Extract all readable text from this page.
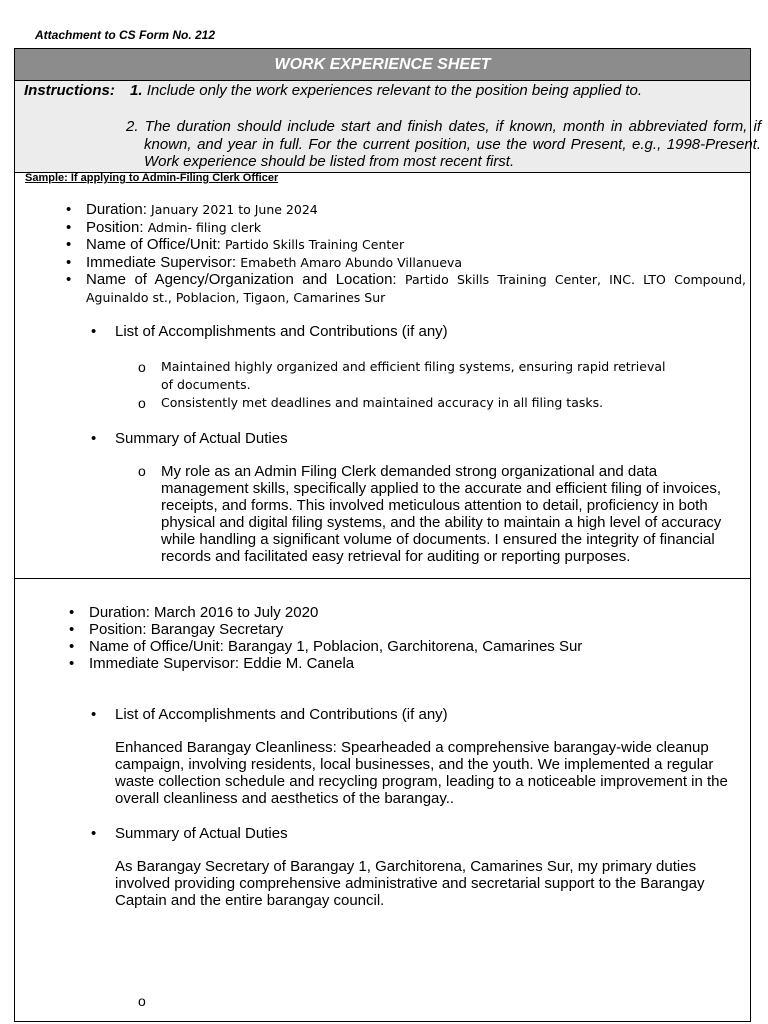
Attachment to CS Form No. 212
WORK EXPERIENCE SHEET
Instructions: 1. Include only the work experiences relevant to the position being applied to.
2. The duration should include start and finish dates, if known, month in abbreviated form, if known, and year in full. For the current position, use the word Present, e.g., 1998-Present. Work experience should be listed from most recent first.
Sample: If applying to Admin-Filing Clerk Officer
• Duration: January 2021 to June 2024
• Position: Admin- filing clerk
• Name of Office/Unit: Partido Skills Training Center
• Immediate Supervisor: Emabeth Amaro Abundo Villanueva
• Name of Agency/Organization and Location: Partido Skills Training Center, INC. LTO Compound, Aguinaldo st., Poblacion, Tigaon, Camarines Sur
• List of Accomplishments and Contributions (if any)
o Maintained highly organized and efficient filing systems, ensuring rapid retrieval of documents.
o Consistently met deadlines and maintained accuracy in all filing tasks.
• Summary of Actual Duties
o My role as an Admin Filing Clerk demanded strong organizational and data management skills, specifically applied to the accurate and efficient filing of invoices, receipts, and forms. This involved meticulous attention to detail, proficiency in both physical and digital filing systems, and the ability to maintain a high level of accuracy while handling a significant volume of documents. I ensured the integrity of financial records and facilitated easy retrieval for auditing or reporting purposes.
• Duration: March 2016 to July 2020
• Position: Barangay Secretary
• Name of Office/Unit: Barangay 1, Poblacion, Garchitorena, Camarines Sur
• Immediate Supervisor: Eddie M. Canela
• List of Accomplishments and Contributions (if any)
Enhanced Barangay Cleanliness: Spearheaded a comprehensive barangay-wide cleanup campaign, involving residents, local businesses, and the youth. We implemented a regular waste collection schedule and recycling program, leading to a noticeable improvement in the overall cleanliness and aesthetics of the barangay..
• Summary of Actual Duties
As Barangay Secretary of Barangay 1, Garchitorena, Camarines Sur, my primary duties involved providing comprehensive administrative and secretarial support to the Barangay Captain and the entire barangay council.
o
